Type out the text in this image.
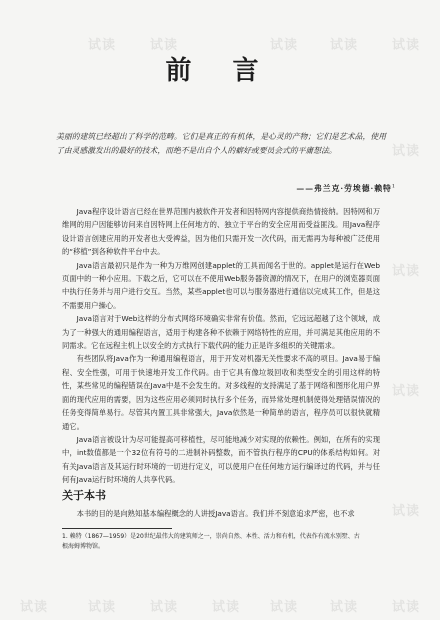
试读	试读	试读 试读	试读
试读
试读
试读
试读
试读
试读	试读	试读	试读 试读 试读
前 言
美丽的建筑已经超出了科学的范畴。它们是真正的有机体，是心灵的产物；它们是艺术品，使用了由灵感激发出的最好的技术，而绝不是出自个人的癖好或要员会式的平庸想法。
——弗兰克·劳埃德·赖特$^1$

Java程序设计语言已经在世界范围内被软件开发者和因特网内容提供商热情接纳。因特网和万维网的用户因能够访问来自因特网上任何地方的、独立于平台的安全应用而受益匪浅。用Java程序设计语言创建应用的开发者也大受裨益，因为他们只需开发一次代码，而无需再为每种被广泛使用的“移植”到各种软件平台中去。

Java语言最初只是作为一种为万维网创建applet的工具而闻名于世的。applet是运行在Web页面中的一种小应用。下载之后，它可以在不使用Web服务器资源的情况下，在用户的浏览器页面中执行任务并与用户进行交互。当然，某些applet也可以与服务器进行通信以完成其工作，但是这不需要用户操心。

Java语言对于Web这样的分布式网络环境确实非常有价值。然而，它远远超越了这个领域，成为了一种强大的通用编程语言，适用于构建各种不依赖于网络特性的应用，并可满足其他应用的不同需求。它在远程主机上以安全的方式执行下载代码的能力正是许多组织的关键需求。

有些团队将Java作为一种通用编程语言，用于开发对机器无关性要求不高的项目。Java易于编程、安全性强，可用于快速地开发工作代码。由于它具有像垃圾回收和类型安全的引用这样的特性，某些常见的编程错误在Java中是不会发生的。对多线程的支持满足了基于网络和图形化用户界面的现代应用的需要，因为这些应用必须同时执行多个任务，而异常处理机制使得处理错误情况的任务变得简单易行。尽管其内置工具非常强大，Java依然是一种简单的语言，程序员可以很快就精通它。

Java语言被设计为尽可能提高可移植性，尽可能地减少对实现的依赖性。例如，在所有的实现中，int数值都是一个32位有符号的二进制补码整数，而不管执行程序的CPU的体系结构如何。对有关Java语言及其运行时环境的一切进行定义，可以使用户在任何地方运行编译过的代码，并与任何有Java运行时环境的人共享代码。

关于本书

本书的目的是向熟知基本编程概念的人讲授Java语言。我们并不刻意追求严密，也不求

1. 赖特（1867—1959）是20世纪最伟大的建筑师之一，崇尚自然、本性、活力和有机，代表作有流水别墅、古根海姆博物馆。
